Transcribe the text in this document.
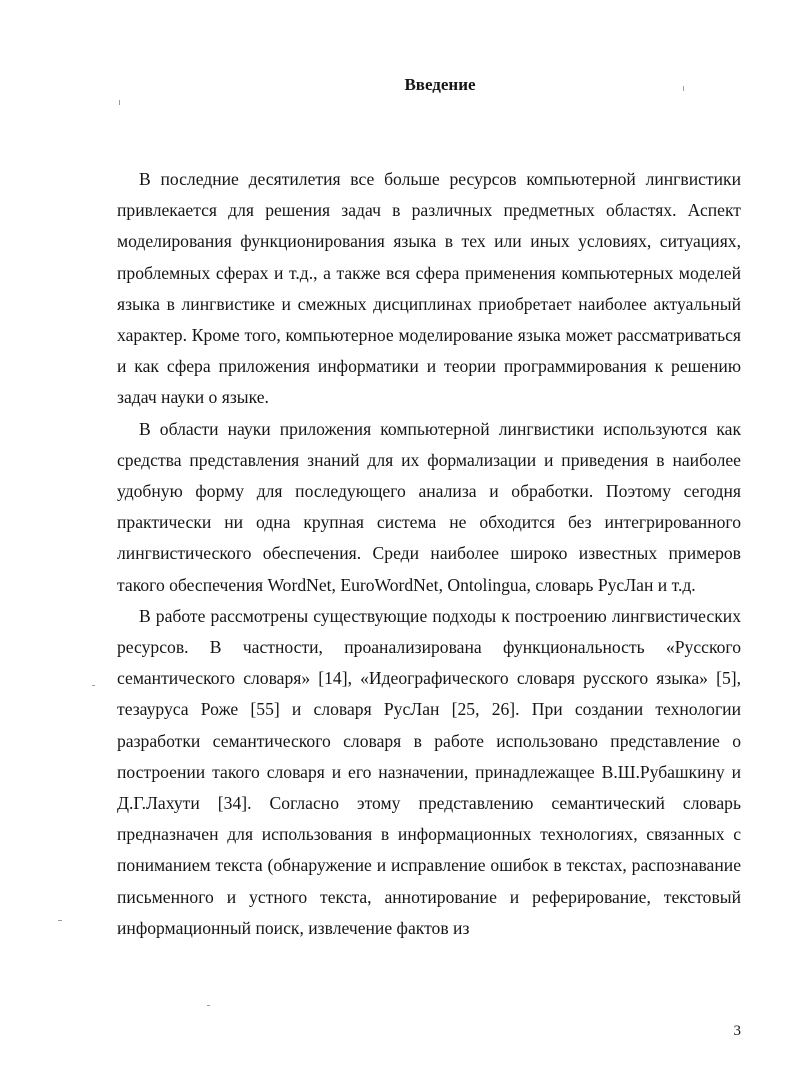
Введение

В последние десятилетия все больше ресурсов компьютерной лингвистики привлекается для решения задач в различных предметных областях. Аспект моделирования функционирования языка в тех или иных условиях, ситуациях, проблемных сферах и т.д., а также вся сфера применения компьютерных моделей языка в лингвистике и смежных дисциплинах приобретает наиболее актуальный характер. Кроме того, компьютерное моделирование языка может рассматриваться и как сфера приложения информатики и теории программирования к решению задач науки о языке.

В области науки приложения компьютерной лингвистики используются как средства представления знаний для их формализации и приведения в наиболее удобную форму для последующего анализа и обработки. Поэтому сегодня практически ни одна крупная система не обходится без интегрированного лингвистического обеспечения. Среди наиболее широко известных примеров такого обеспечения WordNet, EuroWordNet, Ontolingua, словарь РусЛан и т.д.

В работе рассмотрены существующие подходы к построению лингвистических ресурсов. В частности, проанализирована функциональность «Русского семантического словаря» [14], «Идеографического словаря русского языка» [5], тезауруса Роже [55] и словаря РусЛан [25, 26]. При создании технологии разработки семантического словаря в работе использовано представление о построении такого словаря и его назначении, принадлежащее В.Ш.Рубашкину и Д.Г.Лахути [34]. Согласно этому представлению семантический словарь предназначен для использования в информационных технологиях, связанных с пониманием текста (обнаружение и исправление ошибок в текстах, распознавание письменного и устного текста, аннотирование и реферирование, текстовый информационный поиск, извлечение фактов из

3
